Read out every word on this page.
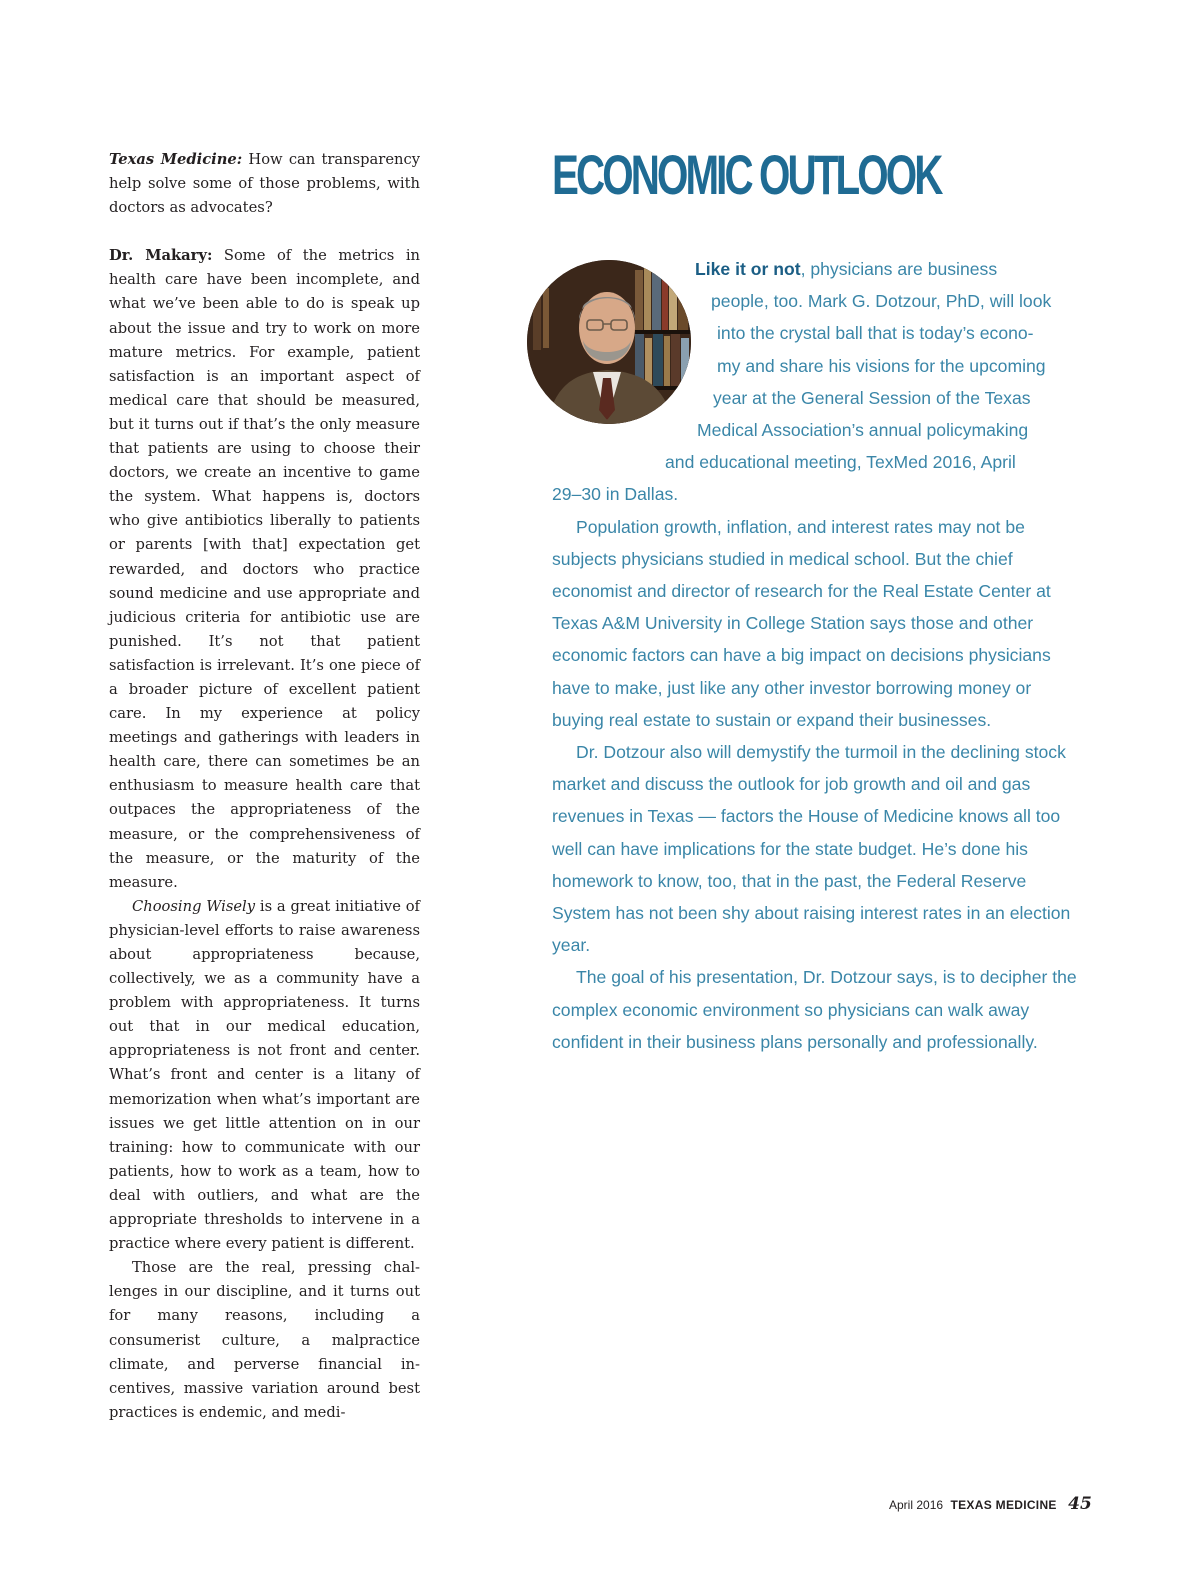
Texas Medicine: How can transparency help solve some of those problems, with doctors as advocates?

Dr. Makary: Some of the metrics in health care have been incomplete, and what we’ve been able to do is speak up about the issue and try to work on more mature metrics. For example, patient satisfaction is an important aspect of medical care that should be measured, but it turns out if that’s the only measure that patients are using to choose their doctors, we create an incentive to game the system. What happens is, doctors who give antibiotics liberally to patients or parents [with that] expectation get rewarded, and doctors who practice sound medicine and use appropriate and judicious criteria for antibiotic use are punished. It’s not that patient satisfaction is irrelevant. It’s one piece of a broader picture of excellent patient care. In my experience at policy meetings and gatherings with leaders in health care, there can sometimes be an enthusiasm to measure health care that outpaces the appropriateness of the measure, or the comprehensiveness of the measure, or the maturity of the measure.

Choosing Wisely is a great initiative of physician-level efforts to raise awareness about appropriateness because, collectively, we as a community have a problem with appropriateness. It turns out that in our medical education, appropriateness is not front and center. What’s front and center is a litany of memorization when what’s important are issues we get little attention on in our training: how to communicate with our patients, how to work as a team, how to deal with outliers, and what are the appropriate thresholds to intervene in a practice where every patient is different.

Those are the real, pressing challenges in our discipline, and it turns out for many reasons, including a consumerist culture, a malpractice climate, and perverse financial incentives, massive variation around best practices is endemic, and medi-

ECONOMIC OUTLOOK

Like it or not, physicians are business
people, too. Mark G. Dotzour, PhD, will look
into the crystal ball that is today’s econo-
my and share his visions for the upcoming
year at the General Session of the Texas
Medical Association’s annual policymaking
and educational meeting, TexMed 2016, April
29–30 in Dallas.

Population growth, inflation, and interest rates may not be subjects physicians studied in medical school. But the chief economist and director of research for the Real Estate Center at Texas A&M University in College Station says those and other economic factors can have a big impact on decisions physicians have to make, just like any other investor borrowing money or buying real estate to sustain or expand their businesses.

Dr. Dotzour also will demystify the turmoil in the declining stock market and discuss the outlook for job growth and oil and gas revenues in Texas — factors the House of Medicine knows all too well can have implications for the state budget. He’s done his homework to know, too, that in the past, the Federal Reserve System has not been shy about raising interest rates in an election year.

The goal of his presentation, Dr. Dotzour says, is to decipher the complex economic environment so physicians can walk away confident in their business plans personally and professionally.

April 2016 TEXAS MEDICINE 45
